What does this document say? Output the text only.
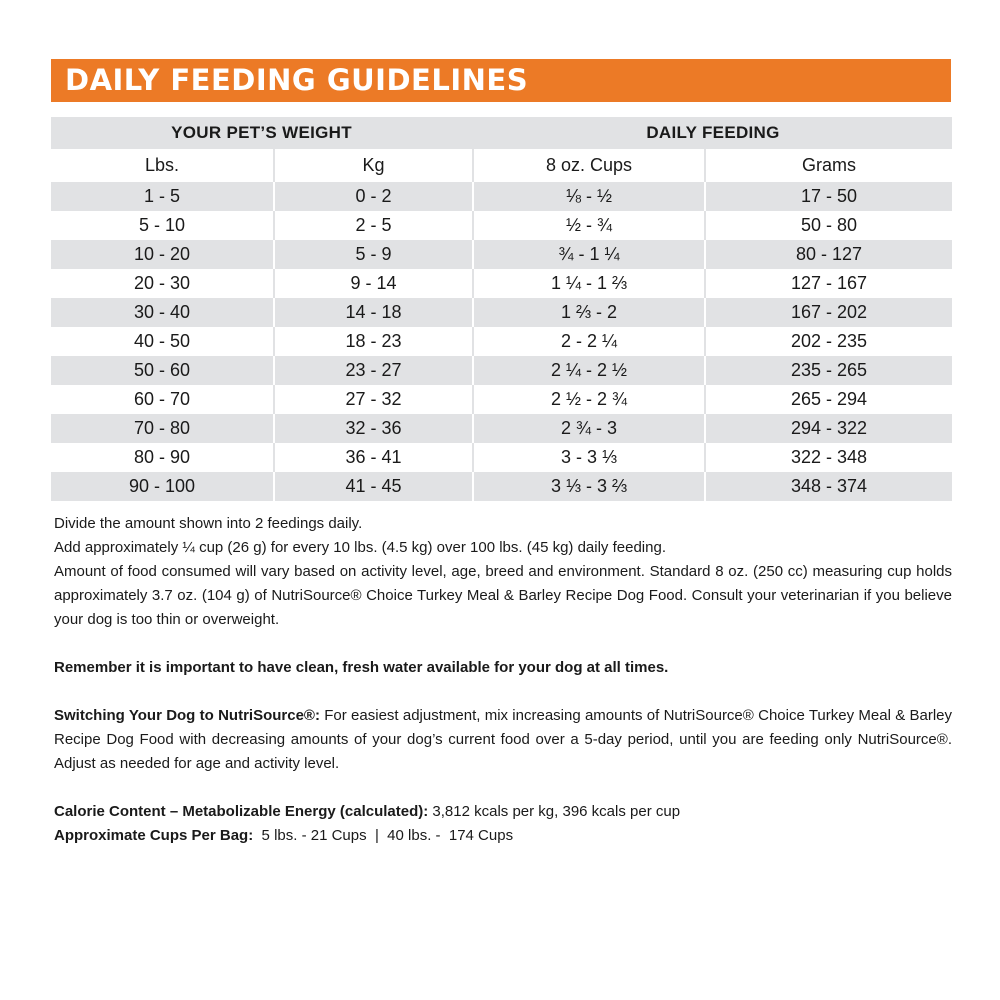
DAILY FEEDING GUIDELINES
YOUR PET’S WEIGHT		DAILY FEEDING	
Lbs.	Kg	8 oz. Cups	Grams
1 - 5	0 - 2	⅛ - ½	17 - 50
5 - 10	2 - 5	½ - ¾	50 - 80
10 - 20	5 - 9	¾ - 1 ¼	80 - 127
20 - 30	9 - 14	1 ¼ - 1 ⅔	127 - 167
30 - 40	14 - 18	1 ⅔ - 2	167 - 202
40 - 50	18 - 23	2 - 2 ¼	202 - 235
50 - 60	23 - 27	2 ¼ - 2 ½	235 - 265
60 - 70	27 - 32	2 ½ - 2 ¾	265 - 294
70 - 80	32 - 36	2 ¾ - 3	294 - 322
80 - 90	36 - 41	3 - 3 ⅓	322 - 348
90 - 100	41 - 45	3 ⅓ - 3 ⅔	348 - 374

Divide the amount shown into 2 feedings daily.

Add approximately ¼ cup (26 g) for every 10 lbs. (4.5 kg) over 100 lbs. (45 kg) daily feeding.

Amount of food consumed will vary based on activity level, age, breed and environment. Standard 8 oz. (250 cc) measuring cup holds approximately 3.7 oz. (104 g) of NutriSource® Choice Turkey Meal & Barley Recipe Dog Food. Consult your veterinarian if you believe your dog is too thin or overweight.

Remember it is important to have clean, fresh water available for your dog at all times.

Switching Your Dog to NutriSource®: For easiest adjustment, mix increasing amounts of NutriSource® Choice Turkey Meal & Barley Recipe Dog Food with decreasing amounts of your dog’s current food over a 5-day period, until you are feeding only NutriSource®. Adjust as needed for age and activity level.

Calorie Content – Metabolizable Energy (calculated): 3,812 kcals per kg, 396 kcals per cup

Approximate Cups Per Bag:  5 lbs. - 21 Cups  |  40 lbs. -  174 Cups
